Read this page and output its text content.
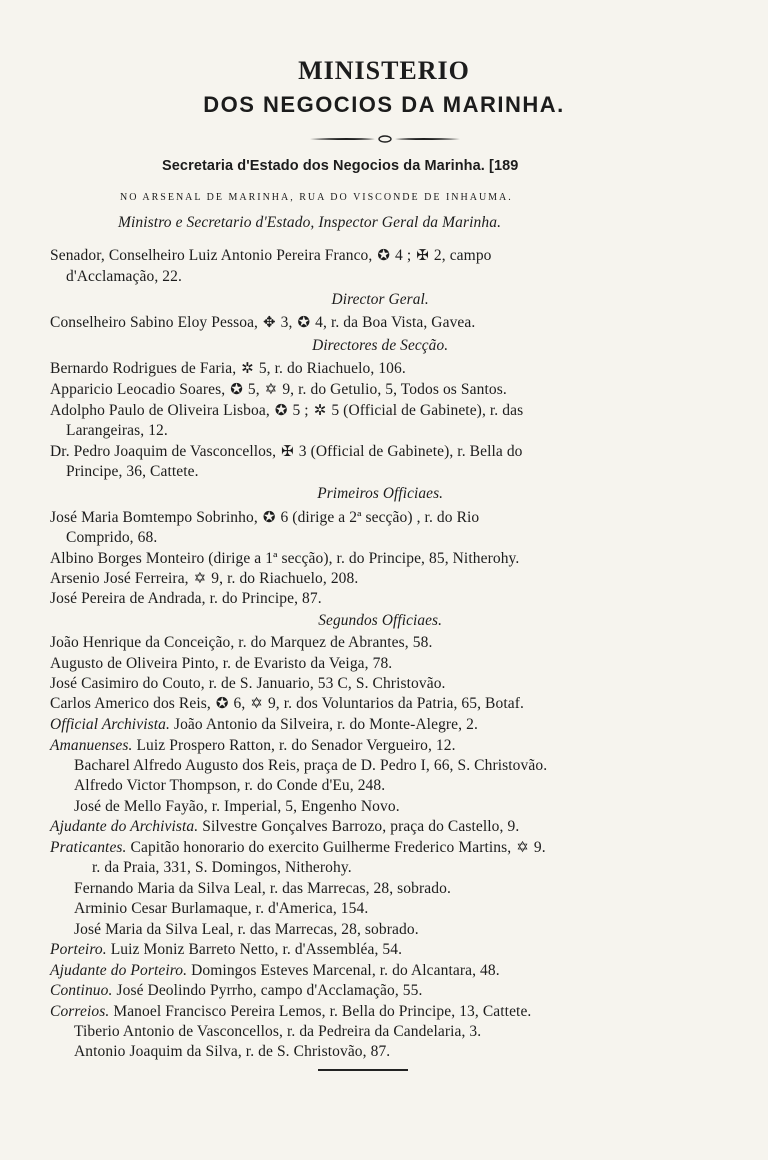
MINISTERIO
DOS NEGOCIOS DA MARINHA.
Secretaria d'Estado dos Negocios da Marinha. [189
NO ARSENAL DE MARINHA, RUA DO VISCONDE DE INHAUMA.
Ministro e Secretario d'Estado, Inspector Geral da Marinha.
Senador, Conselheiro Luiz Antonio Pereira Franco, ✪ 4 ; ✠ 2, campo
d'Acclamação, 22.
Director Geral.
Conselheiro Sabino Eloy Pessoa, ✥ 3, ✪ 4, r. da Boa Vista, Gavea.
Directores de Secção.
Bernardo Rodrigues de Faria, ✲ 5, r. do Riachuelo, 106.
Apparicio Leocadio Soares, ✪ 5, ✡ 9, r. do Getulio, 5, Todos os Santos.
Adolpho Paulo de Oliveira Lisboa, ✪ 5 ; ✲ 5 (Official de Gabinete), r. das
Larangeiras, 12.
Dr. Pedro Joaquim de Vasconcellos, ✠ 3 (Official de Gabinete), r. Bella do
Principe, 36, Cattete.
Primeiros Officiaes.
José Maria Bomtempo Sobrinho, ✪ 6 (dirige a 2ª secção) , r. do Rio
Comprido, 68.
Albino Borges Monteiro (dirige a 1ª secção), r. do Principe, 85, Nitherohy.
Arsenio José Ferreira, ✡ 9, r. do Riachuelo, 208.
José Pereira de Andrada, r. do Principe, 87.
Segundos Officiaes.
João Henrique da Conceição, r. do Marquez de Abrantes, 58.
Augusto de Oliveira Pinto, r. de Evaristo da Veiga, 78.
José Casimiro do Couto, r. de S. Januario, 53 C, S. Christovão.
Carlos Americo dos Reis, ✪ 6, ✡ 9, r. dos Voluntarios da Patria, 65, Botaf.
Official Archivista. João Antonio da Silveira, r. do Monte-Alegre, 2.
Amanuenses. Luiz Prospero Ratton, r. do Senador Vergueiro, 12.
Bacharel Alfredo Augusto dos Reis, praça de D. Pedro I, 66, S. Christovão.
Alfredo Victor Thompson, r. do Conde d'Eu, 248.
José de Mello Fayão, r. Imperial, 5, Engenho Novo.
Ajudante do Archivista. Silvestre Gonçalves Barrozo, praça do Castello, 9.
Praticantes. Capitão honorario do exercito Guilherme Frederico Martins, ✡ 9.
r. da Praia, 331, S. Domingos, Nitherohy.
Fernando Maria da Silva Leal, r. das Marrecas, 28, sobrado.
Arminio Cesar Burlamaque, r. d'America, 154.
José Maria da Silva Leal, r. das Marrecas, 28, sobrado.
Porteiro. Luiz Moniz Barreto Netto, r. d'Assembléa, 54.
Ajudante do Porteiro. Domingos Esteves Marcenal, r. do Alcantara, 48.
Continuo. José Deolindo Pyrrho, campo d'Acclamação, 55.
Correios. Manoel Francisco Pereira Lemos, r. Bella do Principe, 13, Cattete.
Tiberio Antonio de Vasconcellos, r. da Pedreira da Candelaria, 3.
Antonio Joaquim da Silva, r. de S. Christovão, 87.
